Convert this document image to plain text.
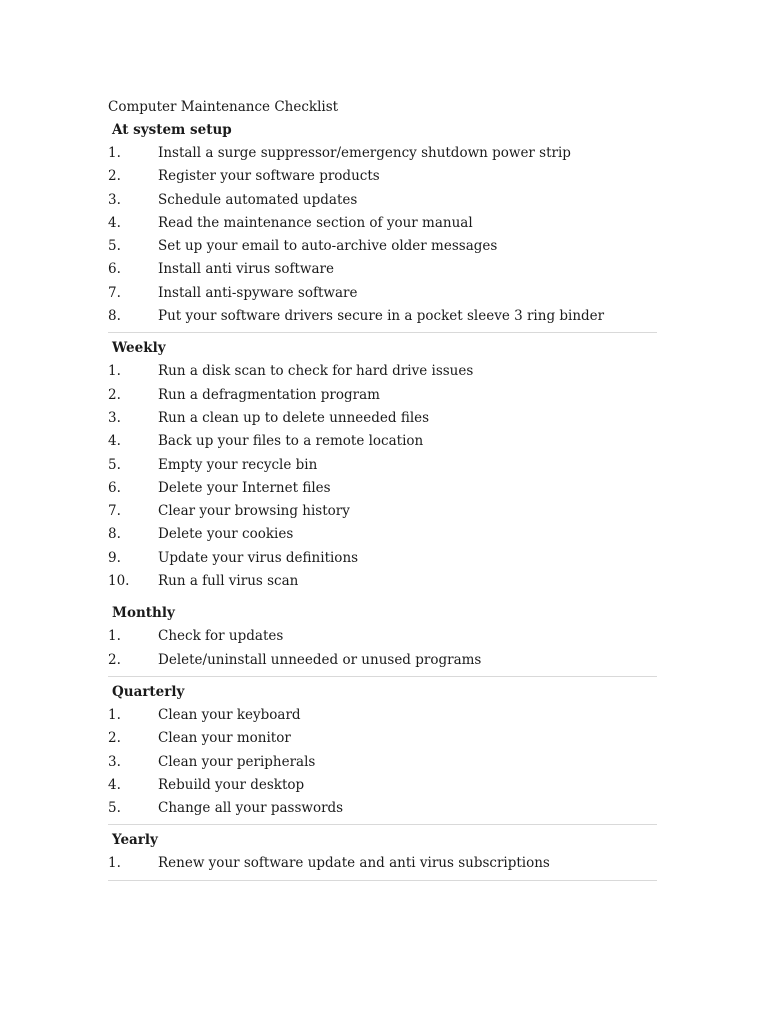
Computer Maintenance Checklist
At system setup
1.	Install a surge suppressor/emergency shutdown power strip
2.	Register your software products
3.	Schedule automated updates
4.	Read the maintenance section of your manual
5.	Set up your email to auto-archive older messages
6.	Install anti virus software
7.	Install anti-spyware software
8.	Put your software drivers secure in a pocket sleeve 3 ring binder
Weekly
1.	Run a disk scan to check for hard drive issues
2.	Run a defragmentation program
3.	Run a clean up to delete unneeded files
4.	Back up your files to a remote location
5.	Empty your recycle bin
6.	Delete your Internet files
7.	Clear your browsing history
8.	Delete your cookies
9.	Update your virus definitions
10.	Run a full virus scan
Monthly
1.	Check for updates
2.	Delete/uninstall unneeded or unused programs
Quarterly
1.	Clean your keyboard
2.	Clean your monitor
3.	Clean your peripherals
4.	Rebuild your desktop
5.	Change all your passwords
Yearly
1.	Renew your software update and anti virus subscriptions
